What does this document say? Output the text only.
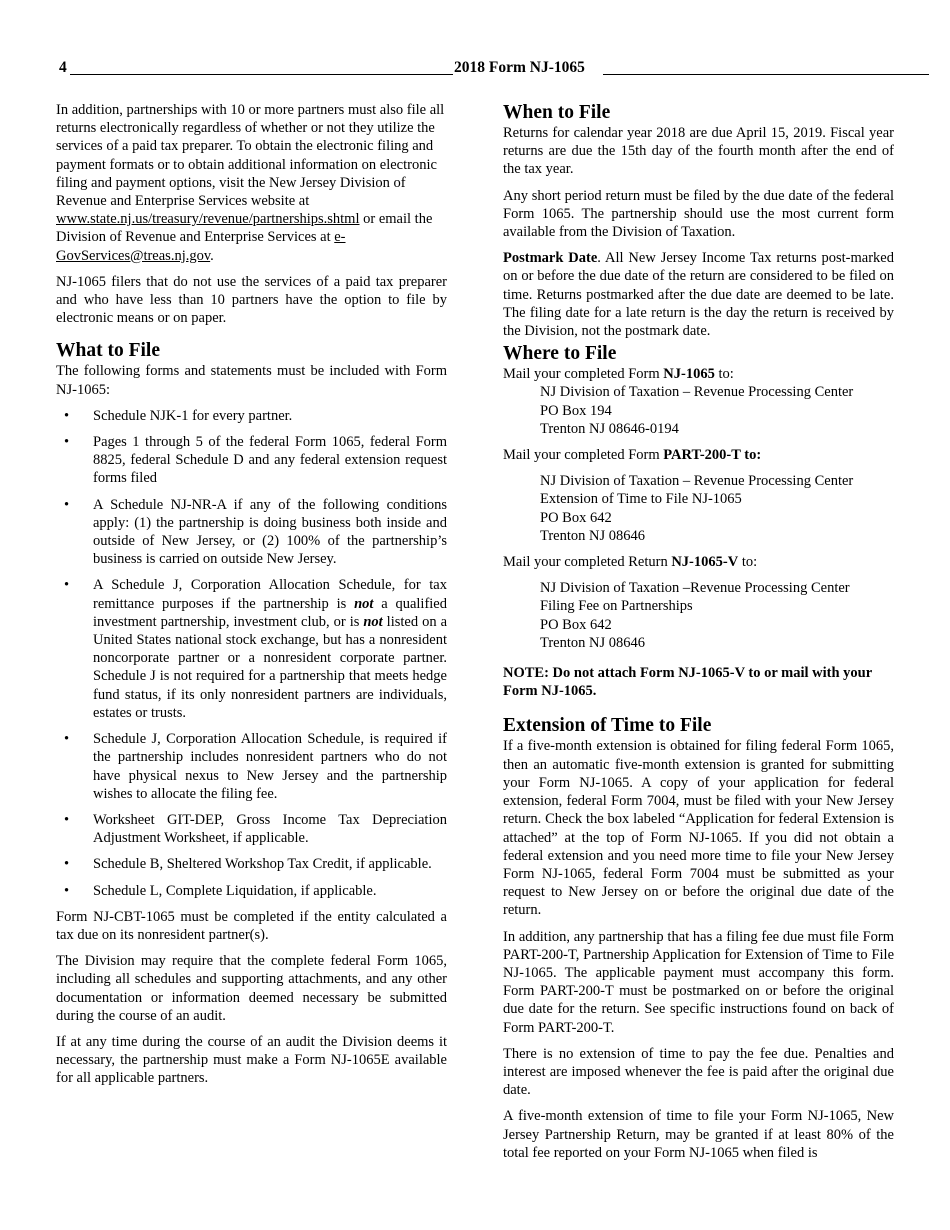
4	2018 Form NJ-1065

In addition, partnerships with 10 or more partners must also file all returns electronically regardless of whether or not they utilize the services of a paid tax preparer. To obtain the electronic filing and payment formats or to obtain additional information on electronic filing and payment options, visit the New Jersey Division of Revenue and Enterprise Services website at www.state.nj.us/treasury/revenue/partnerships.shtml or email the Division of Revenue and Enterprise Services at e-GovServices@treas.nj.gov.

NJ-1065 filers that do not use the services of a paid tax preparer and who have less than 10 partners have the option to file by electronic means or on paper.

What to File

The following forms and statements must be included with Form NJ-1065:

• Schedule NJK-1 for every partner.
• Pages 1 through 5 of the federal Form 1065, federal Form 8825, federal Schedule D and any federal extension request forms filed
• A Schedule NJ-NR-A if any of the following conditions apply: (1) the partnership is doing business both inside and outside of New Jersey, or (2) 100% of the partnership’s business is carried on outside New Jersey.
• A Schedule J, Corporation Allocation Schedule, for tax remittance purposes if the partnership is not a qualified investment partnership, investment club, or is not listed on a United States national stock exchange, but has a nonresident noncorporate partner or a nonresident corporate partner. Schedule J is not required for a partnership that meets hedge fund status, if its only nonresident partners are individuals, estates or trusts.
• Schedule J, Corporation Allocation Schedule, is required if the partnership includes nonresident partners who do not have physical nexus to New Jersey and the partnership wishes to allocate the filing fee.
• Worksheet GIT-DEP, Gross Income Tax Depreciation Adjustment Worksheet, if applicable.
• Schedule B, Sheltered Workshop Tax Credit, if applicable.
• Schedule L, Complete Liquidation, if applicable.

Form NJ-CBT-1065 must be completed if the entity calculated a tax due on its nonresident partner(s).

The Division may require that the complete federal Form 1065, including all schedules and supporting attachments, and any other documentation or information deemed necessary be submitted during the course of an audit.

If at any time during the course of an audit the Division deems it necessary, the partnership must make a Form NJ-1065E available for all applicable partners.

When to File

Returns for calendar year 2018 are due April 15, 2019. Fiscal year returns are due the 15th day of the fourth month after the end of the tax year.

Any short period return must be filed by the due date of the federal Form 1065. The partnership should use the most current form available from the Division of Taxation.

Postmark Date. All New Jersey Income Tax returns post-marked on or before the due date of the return are considered to be filed on time. Returns postmarked after the due date are deemed to be late. The filing date for a late return is the day the return is received by the Division, not the postmark date.

Where to File
Mail your completed Form NJ-1065 to:
NJ Division of Taxation – Revenue Processing Center
PO Box 194
Trenton NJ 08646-0194
Mail your completed Form PART-200-T to:
NJ Division of Taxation – Revenue Processing Center
Extension of Time to File NJ-1065
PO Box 642
Trenton NJ 08646
Mail your completed Return NJ-1065-V to:
NJ Division of Taxation –Revenue Processing Center
Filing Fee on Partnerships
PO Box 642
Trenton NJ 08646

NOTE: Do not attach Form NJ-1065-V to or mail with your Form NJ-1065.

Extension of Time to File

If a five-month extension is obtained for filing federal Form 1065, then an automatic five-month extension is granted for submitting your Form NJ-1065. A copy of your application for federal extension, federal Form 7004, must be filed with your New Jersey return. Check the box labeled “Application for federal Extension is attached” at the top of Form NJ-1065. If you did not obtain a federal extension and you need more time to file your New Jersey Form NJ-1065, federal Form 7004 must be submitted as your request to New Jersey on or before the original due date of the return.

In addition, any partnership that has a filing fee due must file Form PART-200-T, Partnership Application for Extension of Time to File NJ-1065. The applicable payment must accompany this form. Form PART-200-T must be postmarked on or before the original due date for the return. See specific instructions found on back of Form PART-200-T.

There is no extension of time to pay the fee due. Penalties and interest are imposed whenever the fee is paid after the original due date.

A five-month extension of time to file your Form NJ-1065, New Jersey Partnership Return, may be granted if at least 80% of the total fee reported on your Form NJ-1065 when filed is
